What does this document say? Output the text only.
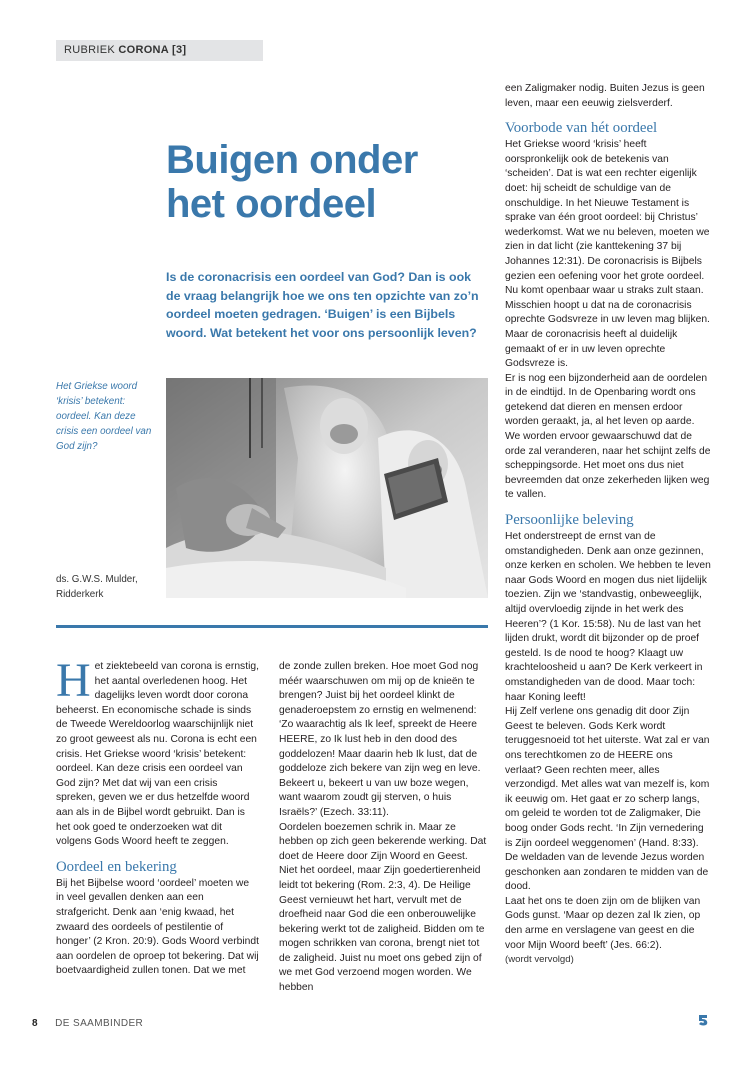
RUBRIEK CORONA [3]
Buigen onder
het oordeel

Is de coronacrisis een oordeel van God? Dan is ook de vraag belangrijk hoe we ons ten opzichte van zo’n oordeel moeten gedragen. ‘Buigen’ is een Bijbels woord. Wat betekent het voor ons persoonlijk leven?

Het Griekse woord ‘krisis’ betekent: oordeel. Kan deze crisis een oordeel van God zijn?

ds. G.W.S. Mulder,
Ridderkerk
H et ziektebeeld van corona is ernstig, het aantal overledenen hoog. Het dagelijks leven wordt door corona beheerst. En economische schade is sinds de Tweede Wereldoorlog waarschijnlijk niet zo groot geweest als nu. Corona is echt een crisis. Het Griekse woord ‘krisis’ betekent: oordeel. Kan deze crisis een oordeel van God zijn? Met dat wij van een crisis spreken, geven we er dus hetzelfde woord aan als in de Bijbel wordt gebruikt. Dan is het ook goed te onderzoeken wat dit volgens Gods Woord heeft te zeggen.

Oordeel en bekering

Bij het Bijbelse woord ‘oordeel’ moeten we in veel gevallen denken aan een strafgericht. Denk aan ‘enig kwaad, het zwaard des oordeels of pestilentie of honger’ (2 Kron. 20:9). Gods Woord verbindt aan oordelen de oproep tot bekering. Dat wij boetvaardigheid zullen tonen. Dat we met

de zonde zullen breken. Hoe moet God nog méér waarschuwen om mij op de knieën te brengen? Juist bij het oordeel klinkt de genaderoepstem zo ernstig en welmenend: ‘Zo waarachtig als Ik leef, spreekt de Heere HEERE, zo Ik lust heb in den dood des goddelozen! Maar daarin heb Ik lust, dat de goddeloze zich bekere van zijn weg en leve. Bekeert u, bekeert u van uw boze wegen, want waarom zoudt gij sterven, o huis Israëls?’ (Ezech. 33:11).

Oordelen boezemen schrik in. Maar ze hebben op zich geen bekerende werking. Dat doet de Heere door Zijn Woord en Geest. Niet het oordeel, maar Zijn goedertierenheid leidt tot bekering (Rom. 2:3, 4). De Heilige Geest vernieuwt het hart, vervult met de droefheid naar God die een onberouwelijke bekering werkt tot de zaligheid. Bidden om te mogen schrikken van corona, brengt niet tot de zaligheid. Juist nu moet ons gebed zijn of we met God verzoend mogen worden. We hebben

een Zaligmaker nodig. Buiten Jezus is geen leven, maar een eeuwig zielsverderf.

Voorbode van hét oordeel

Het Griekse woord ‘krisis’ heeft oorspronkelijk ook de betekenis van ‘scheiden’. Dat is wat een rechter eigenlijk doet: hij scheidt de schuldige van de onschuldige. In het Nieuwe Testament is sprake van één groot oordeel: bij Christus’ wederkomst. Wat we nu beleven, moeten we zien in dat licht (zie kanttekening 37 bij Johannes 12:31). De coronacrisis is Bijbels gezien een oefening voor het grote oordeel. Nu komt openbaar waar u straks zult staan. Misschien hoopt u dat na de coronacrisis oprechte Godsvreze in uw leven mag blijken. Maar de coronacrisis heeft al duidelijk gemaakt of er in uw leven oprechte Godsvreze is.

Er is nog een bijzonderheid aan de oordelen in de eindtijd. In de Openbaring wordt ons getekend dat dieren en mensen erdoor worden geraakt, ja, al het leven op aarde. We worden ervoor gewaarschuwd dat de orde zal veranderen, naar het schijnt zelfs de scheppingsorde. Het moet ons dus niet bevreemden dat onze zekerheden lijken weg te vallen.

Persoonlijke beleving

Het onderstreept de ernst van de omstandigheden. Denk aan onze gezinnen, onze kerken en scholen. We hebben te leven naar Gods Woord en mogen dus niet lijdelijk toezien. Zijn we ‘standvastig, onbeweeglijk, altijd overvloedig zijnde in het werk des Heeren’? (1 Kor. 15:58). Nu de last van het lijden drukt, wordt dit bijzonder op de proef gesteld. Is de nood te hoog? Klaagt uw krachteloosheid u aan? De Kerk verkeert in omstandigheden van de dood. Maar toch: haar Koning leeft!

Hij Zelf verlene ons genadig dit door Zijn Geest te beleven. Gods Kerk wordt teruggesnoeid tot het uiterste. Wat zal er van ons terechtkomen zo de HEERE ons verlaat? Geen rechten meer, alles verzondigd. Met alles wat van mezelf is, kom ik eeuwig om. Het gaat er zo scherp langs, om geleid te worden tot de Zaligmaker, Die boog onder Gods recht. ‘In Zijn vernedering is Zijn oordeel weggenomen’ (Hand. 8:33). De weldaden van de levende Jezus worden geschonken aan zondaren te midden van de dood.

Laat het ons te doen zijn om de blijken van Gods gunst. ‘Maar op dezen zal Ik zien, op den arme en verslagene van geest en die voor Mijn Woord beeft’ (Jes. 66:2).

(wordt vervolgd)

8 DE SAAMBINDER
